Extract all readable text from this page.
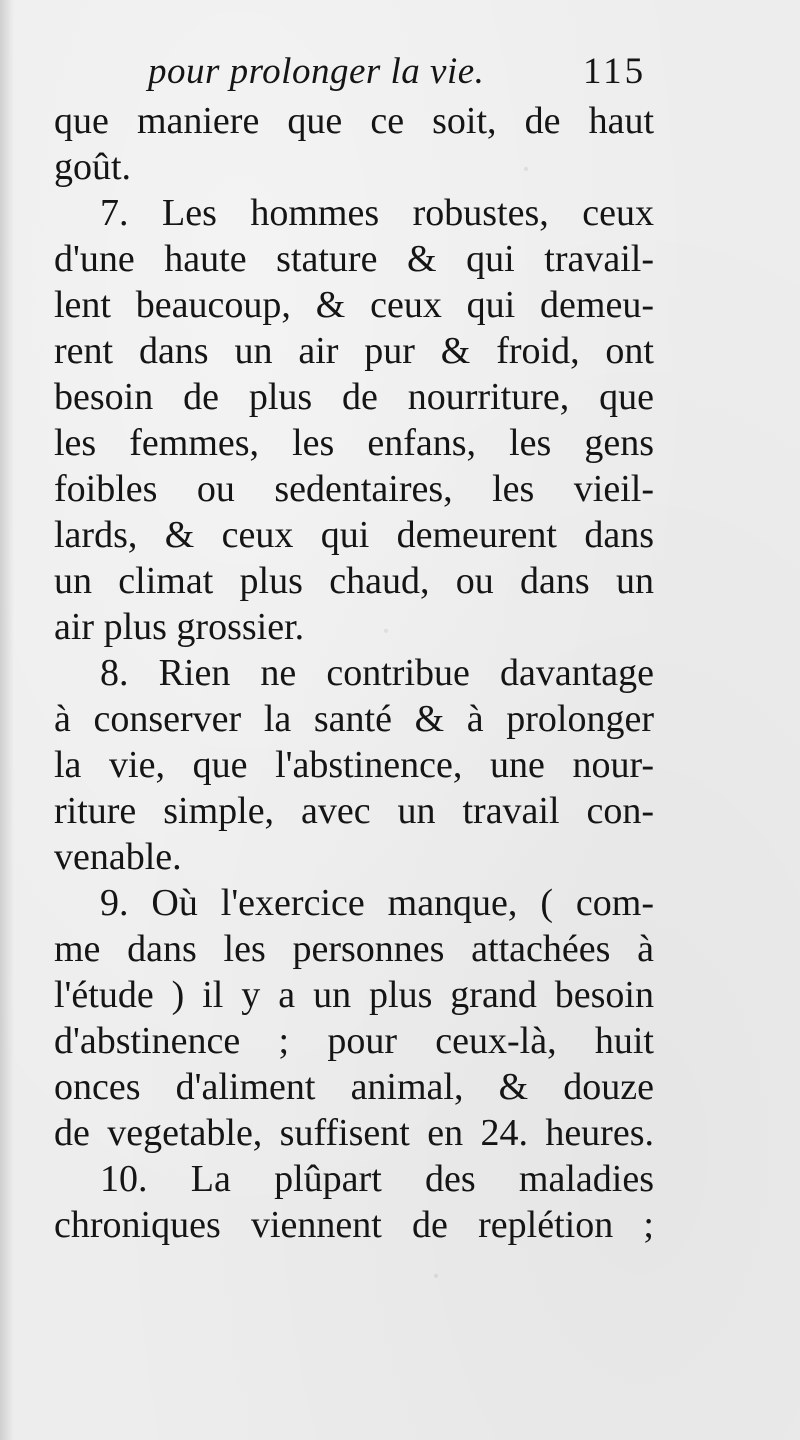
·
·
·
pour prolonger la vie.	115
que maniere que ce soit, de haut
goût.
7. Les hommes robustes, ceux
d'une haute stature & qui travail-
lent beaucoup, & ceux qui demeu-
rent dans un air pur & froid, ont
besoin de plus de nourriture, que
les femmes, les enfans, les gens
foibles ou sedentaires, les vieil-
lards, & ceux qui demeurent dans
un climat plus chaud, ou dans un
air plus grossier.
8. Rien ne contribue davantage
à conserver la santé & à prolonger
la vie, que l'abstinence, une nour-
riture simple, avec un travail con-
venable.
9. Où l'exercice manque, ( com-
me dans les personnes attachées à
l'étude ) il y a un plus grand besoin
d'abstinence ; pour ceux-là, huit
onces d'aliment animal, & douze
de vegetable, suffisent en 24. heures.
10. La plûpart des maladies
chroniques viennent de replétion ;
